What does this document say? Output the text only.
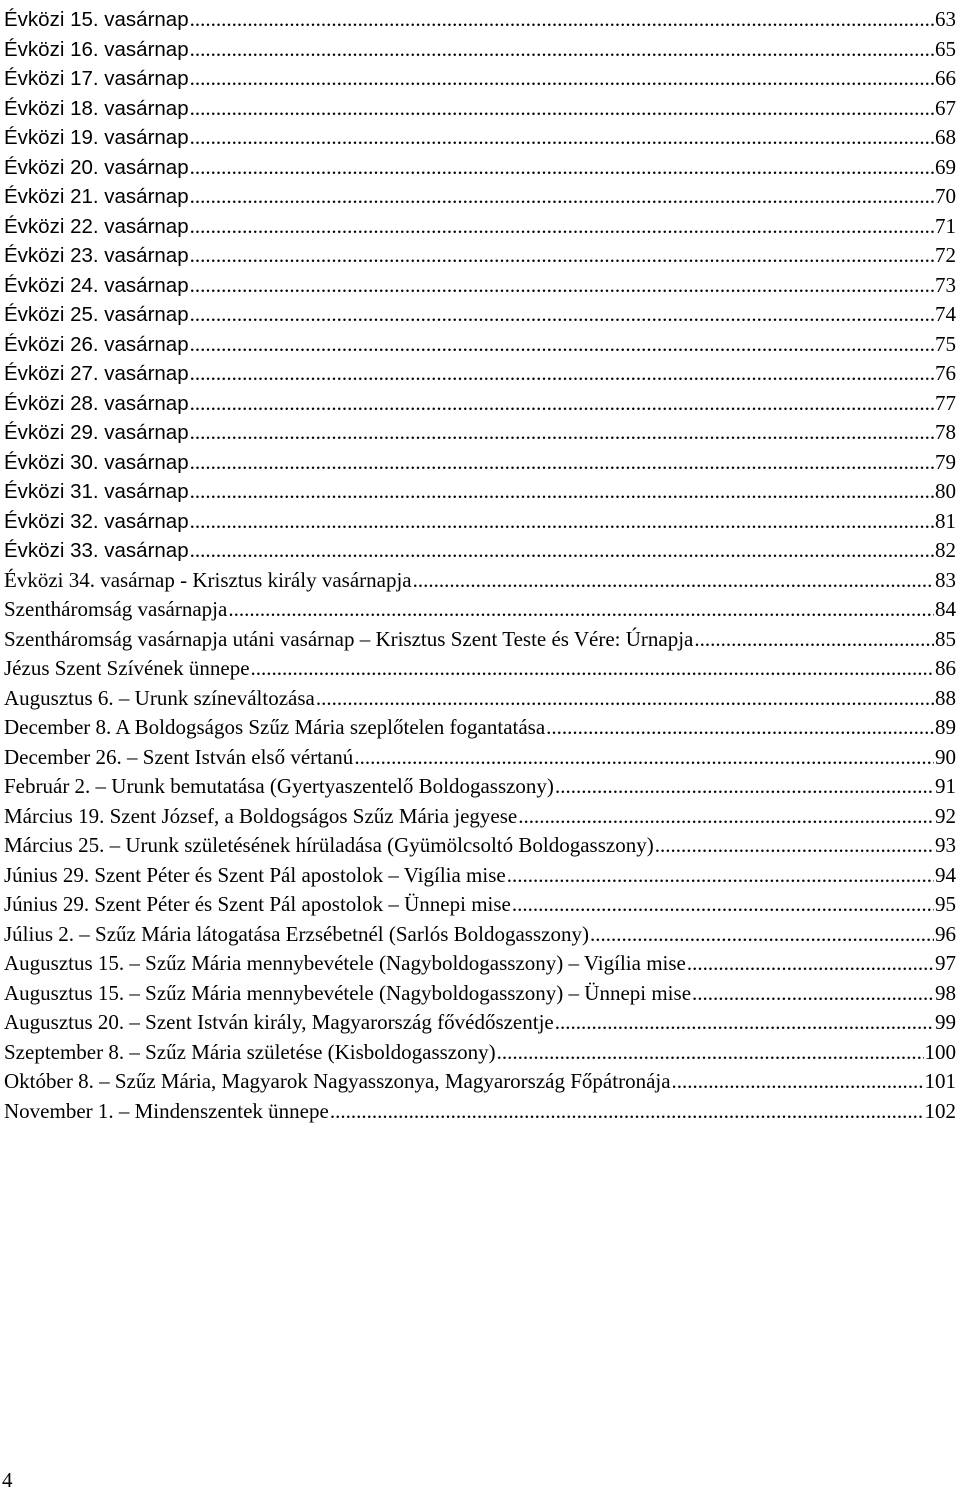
Évközi 15. vasárnap .....	63
Évközi 16. vasárnap .....	65
Évközi 17. vasárnap .....	66
Évközi 18. vasárnap .....	67
Évközi 19. vasárnap .....	68
Évközi 20. vasárnap .....	69
Évközi 21. vasárnap .....	70
Évközi 22. vasárnap .....	71
Évközi 23. vasárnap .....	72
Évközi 24. vasárnap .....	73
Évközi 25. vasárnap .....	74
Évközi 26. vasárnap .....	75
Évközi 27. vasárnap .....	76
Évközi 28. vasárnap .....	77
Évközi 29. vasárnap .....	78
Évközi 30. vasárnap .....	79
Évközi 31. vasárnap .....	80
Évközi 32. vasárnap .....	81
Évközi 33. vasárnap .....	82
Évközi 34. vasárnap - Krisztus király vasárnapja .....	83
Szentháromság vasárnapja .....	84
Szentháromság vasárnapja utáni vasárnap – Krisztus Szent Teste és Vére: Úrnapja .....	85
Jézus Szent Szívének ünnepe .....	86
Augusztus 6. – Urunk színeváltozása .....	88
December 8. A Boldogságos Szűz Mária szeplőtelen fogantatása .....	89
December 26. – Szent István első vértanú .....	90
Február 2. – Urunk bemutatása (Gyertyaszentelő Boldogasszony) .....	91
Március 19. Szent József, a Boldogságos Szűz Mária jegyese .....	92
Március 25. – Urunk születésének hírüladása (Gyümölcsoltó Boldogasszony) .....	93
Június 29. Szent Péter és Szent Pál apostolok – Vigília mise .....	94
Június 29. Szent Péter és Szent Pál apostolok – Ünnepi mise .....	95
Július 2. – Szűz Mária látogatása Erzsébetnél (Sarlós Boldogasszony) .....	96
Augusztus 15. – Szűz Mária mennybevétele (Nagyboldogasszony) – Vigília mise .....	97
Augusztus 15. – Szűz Mária mennybevétele (Nagyboldogasszony) – Ünnepi mise .....	98
Augusztus 20. – Szent István király, Magyarország fővédőszentje .....	99
Szeptember 8. – Szűz Mária születése (Kisboldogasszony) .....	100
Október 8. – Szűz Mária, Magyarok Nagyasszonya, Magyarország Főpátronája .....	101
November 1. – Mindenszentek ünnepe .....	102
4
